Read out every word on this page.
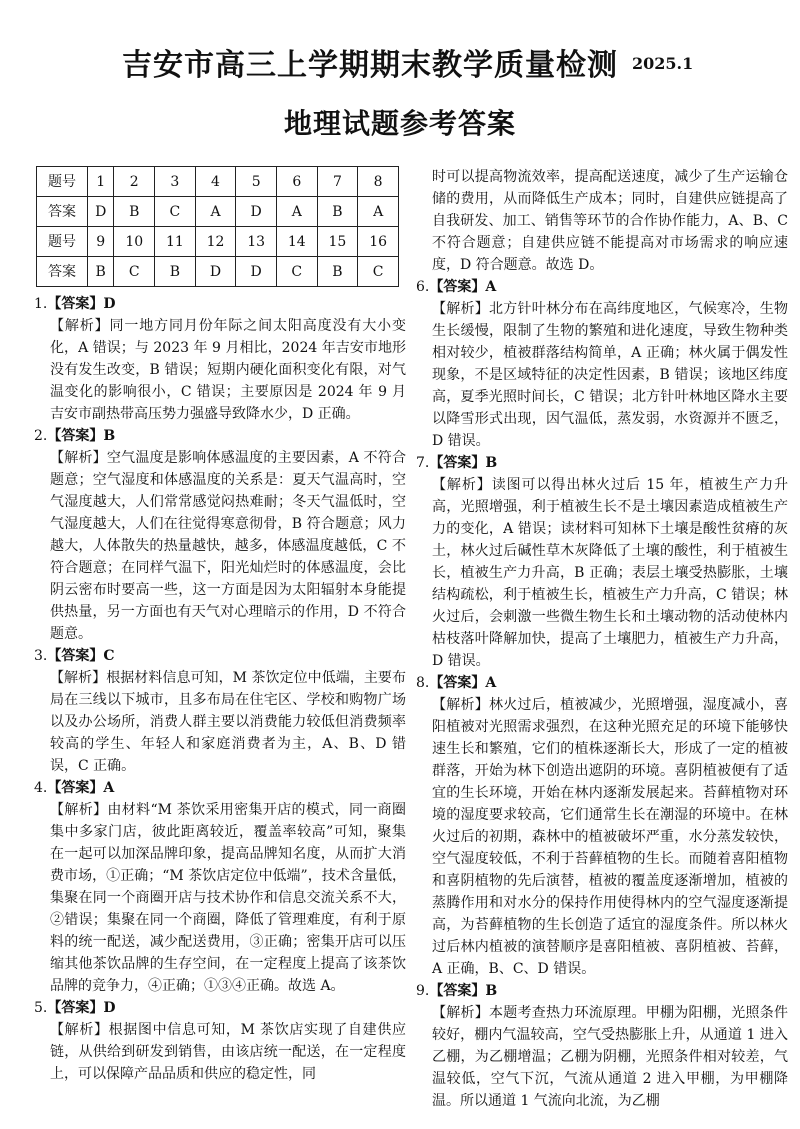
吉安市高三上学期期末教学质量检测 2025.1
地理试题参考答案
题号	1	2	3	4	5	6	7	8
答案	D	B	C	A	D	A	B	A
题号	9	10	11	12	13	14	15	16
答案	B	C	B	D	D	C	B	C
1.【答案】D

【解析】同一地方同月份年际之间太阳高度没有大小变化，A 错误；与 2023 年 9 月相比，2024 年吉安市地形没有发生改变，B 错误；短期内硬化面积变化有限，对气温变化的影响很小，C 错误；主要原因是 2024 年 9 月吉安市副热带高压势力强盛导致降水少，D 正确。

2.【答案】B

【解析】空气温度是影响体感温度的主要因素，A 不符合题意；空气湿度和体感温度的关系是：夏天气温高时，空气湿度越大，人们常常感觉闷热难耐；冬天气温低时，空气湿度越大，人们在往觉得寒意彻骨，B 符合题意；风力越大，人体散失的热量越快，越多，体感温度越低，C 不符合题意；在同样气温下，阳光灿烂时的体感温度，会比阴云密布时要高一些，这一方面是因为太阳辐射本身能提供热量，另一方面也有天气对心理暗示的作用，D 不符合题意。

3.【答案】C

【解析】根据材料信息可知，M 茶饮定位中低端，主要布局在三线以下城市，且多布局在住宅区、学校和购物广场以及办公场所，消费人群主要以消费能力较低但消费频率较高的学生、年轻人和家庭消费者为主，A、B、D 错误，C 正确。

4.【答案】A

【解析】由材料“M 茶饮采用密集开店的模式，同一商圈集中多家门店，彼此距离较近，覆盖率较高”可知，聚集在一起可以加深品牌印象，提高品牌知名度，从而扩大消费市场，①正确；“M 茶饮店定位中低端”，技术含量低，集聚在同一个商圈开店与技术协作和信息交流关系不大，②错误；集聚在同一个商圈，降低了管理难度，有利于原料的统一配送，减少配送费用，③正确；密集开店可以压缩其他茶饮品牌的生存空间，在一定程度上提高了该茶饮品牌的竞争力，④正确；①③④正确。故选 A。

5.【答案】D

【解析】根据图中信息可知，M 茶饮店实现了自建供应链，从供给到研发到销售，由该店统一配送，在一定程度上，可以保障产品品质和供应的稳定性，同

时可以提高物流效率，提高配送速度，减少了生产运输仓储的费用，从而降低生产成本；同时，自建供应链提高了自我研发、加工、销售等环节的合作协作能力，A、B、C 不符合题意；自建供应链不能提高对市场需求的响应速度，D 符合题意。故选 D。

6.【答案】A

【解析】北方针叶林分布在高纬度地区，气候寒冷，生物生长缓慢，限制了生物的繁殖和进化速度，导致生物种类相对较少，植被群落结构简单，A 正确；林火属于偶发性现象，不是区域特征的决定性因素，B 错误；该地区纬度高，夏季光照时间长，C 错误；北方针叶林地区降水主要以降雪形式出现，因气温低，蒸发弱，水资源并不匮乏，D 错误。

7.【答案】B

【解析】读图可以得出林火过后 15 年，植被生产力升高，光照增强，利于植被生长不是土壤因素造成植被生产力的变化，A 错误；读材料可知林下土壤是酸性贫瘠的灰土，林火过后碱性草木灰降低了土壤的酸性，利于植被生长，植被生产力升高，B 正确；表层土壤受热膨胀，土壤结构疏松，利于植被生长，植被生产力升高，C 错误；林火过后，会刺激一些微生物生长和土壤动物的活动使林内枯枝落叶降解加快，提高了土壤肥力，植被生产力升高，D 错误。

8.【答案】A

【解析】林火过后，植被减少，光照增强，湿度减小，喜阳植被对光照需求强烈，在这种光照充足的环境下能够快速生长和繁殖，它们的植株逐渐长大，形成了一定的植被群落，开始为林下创造出遮阴的环境。喜阴植被便有了适宜的生长环境，开始在林内逐渐发展起来。苔藓植物对环境的湿度要求较高，它们通常生长在潮湿的环境中。在林火过后的初期，森林中的植被破坏严重，水分蒸发较快，空气湿度较低，不利于苔藓植物的生长。而随着喜阳植物和喜阴植物的先后演替，植被的覆盖度逐渐增加，植被的蒸腾作用和对水分的保持作用使得林内的空气湿度逐渐提高，为苔藓植物的生长创造了适宜的湿度条件。所以林火过后林内植被的演替顺序是喜阳植被、喜阴植被、苔藓，A 正确，B、C、D 错误。

9.【答案】B

【解析】本题考查热力环流原理。甲棚为阳棚，光照条件较好，棚内气温较高，空气受热膨胀上升，从通道 1 进入乙棚，为乙棚增温；乙棚为阴棚，光照条件相对较差，气温较低，空气下沉，气流从通道 2 进入甲棚，为甲棚降温。所以通道 1 气流向北流，为乙棚
